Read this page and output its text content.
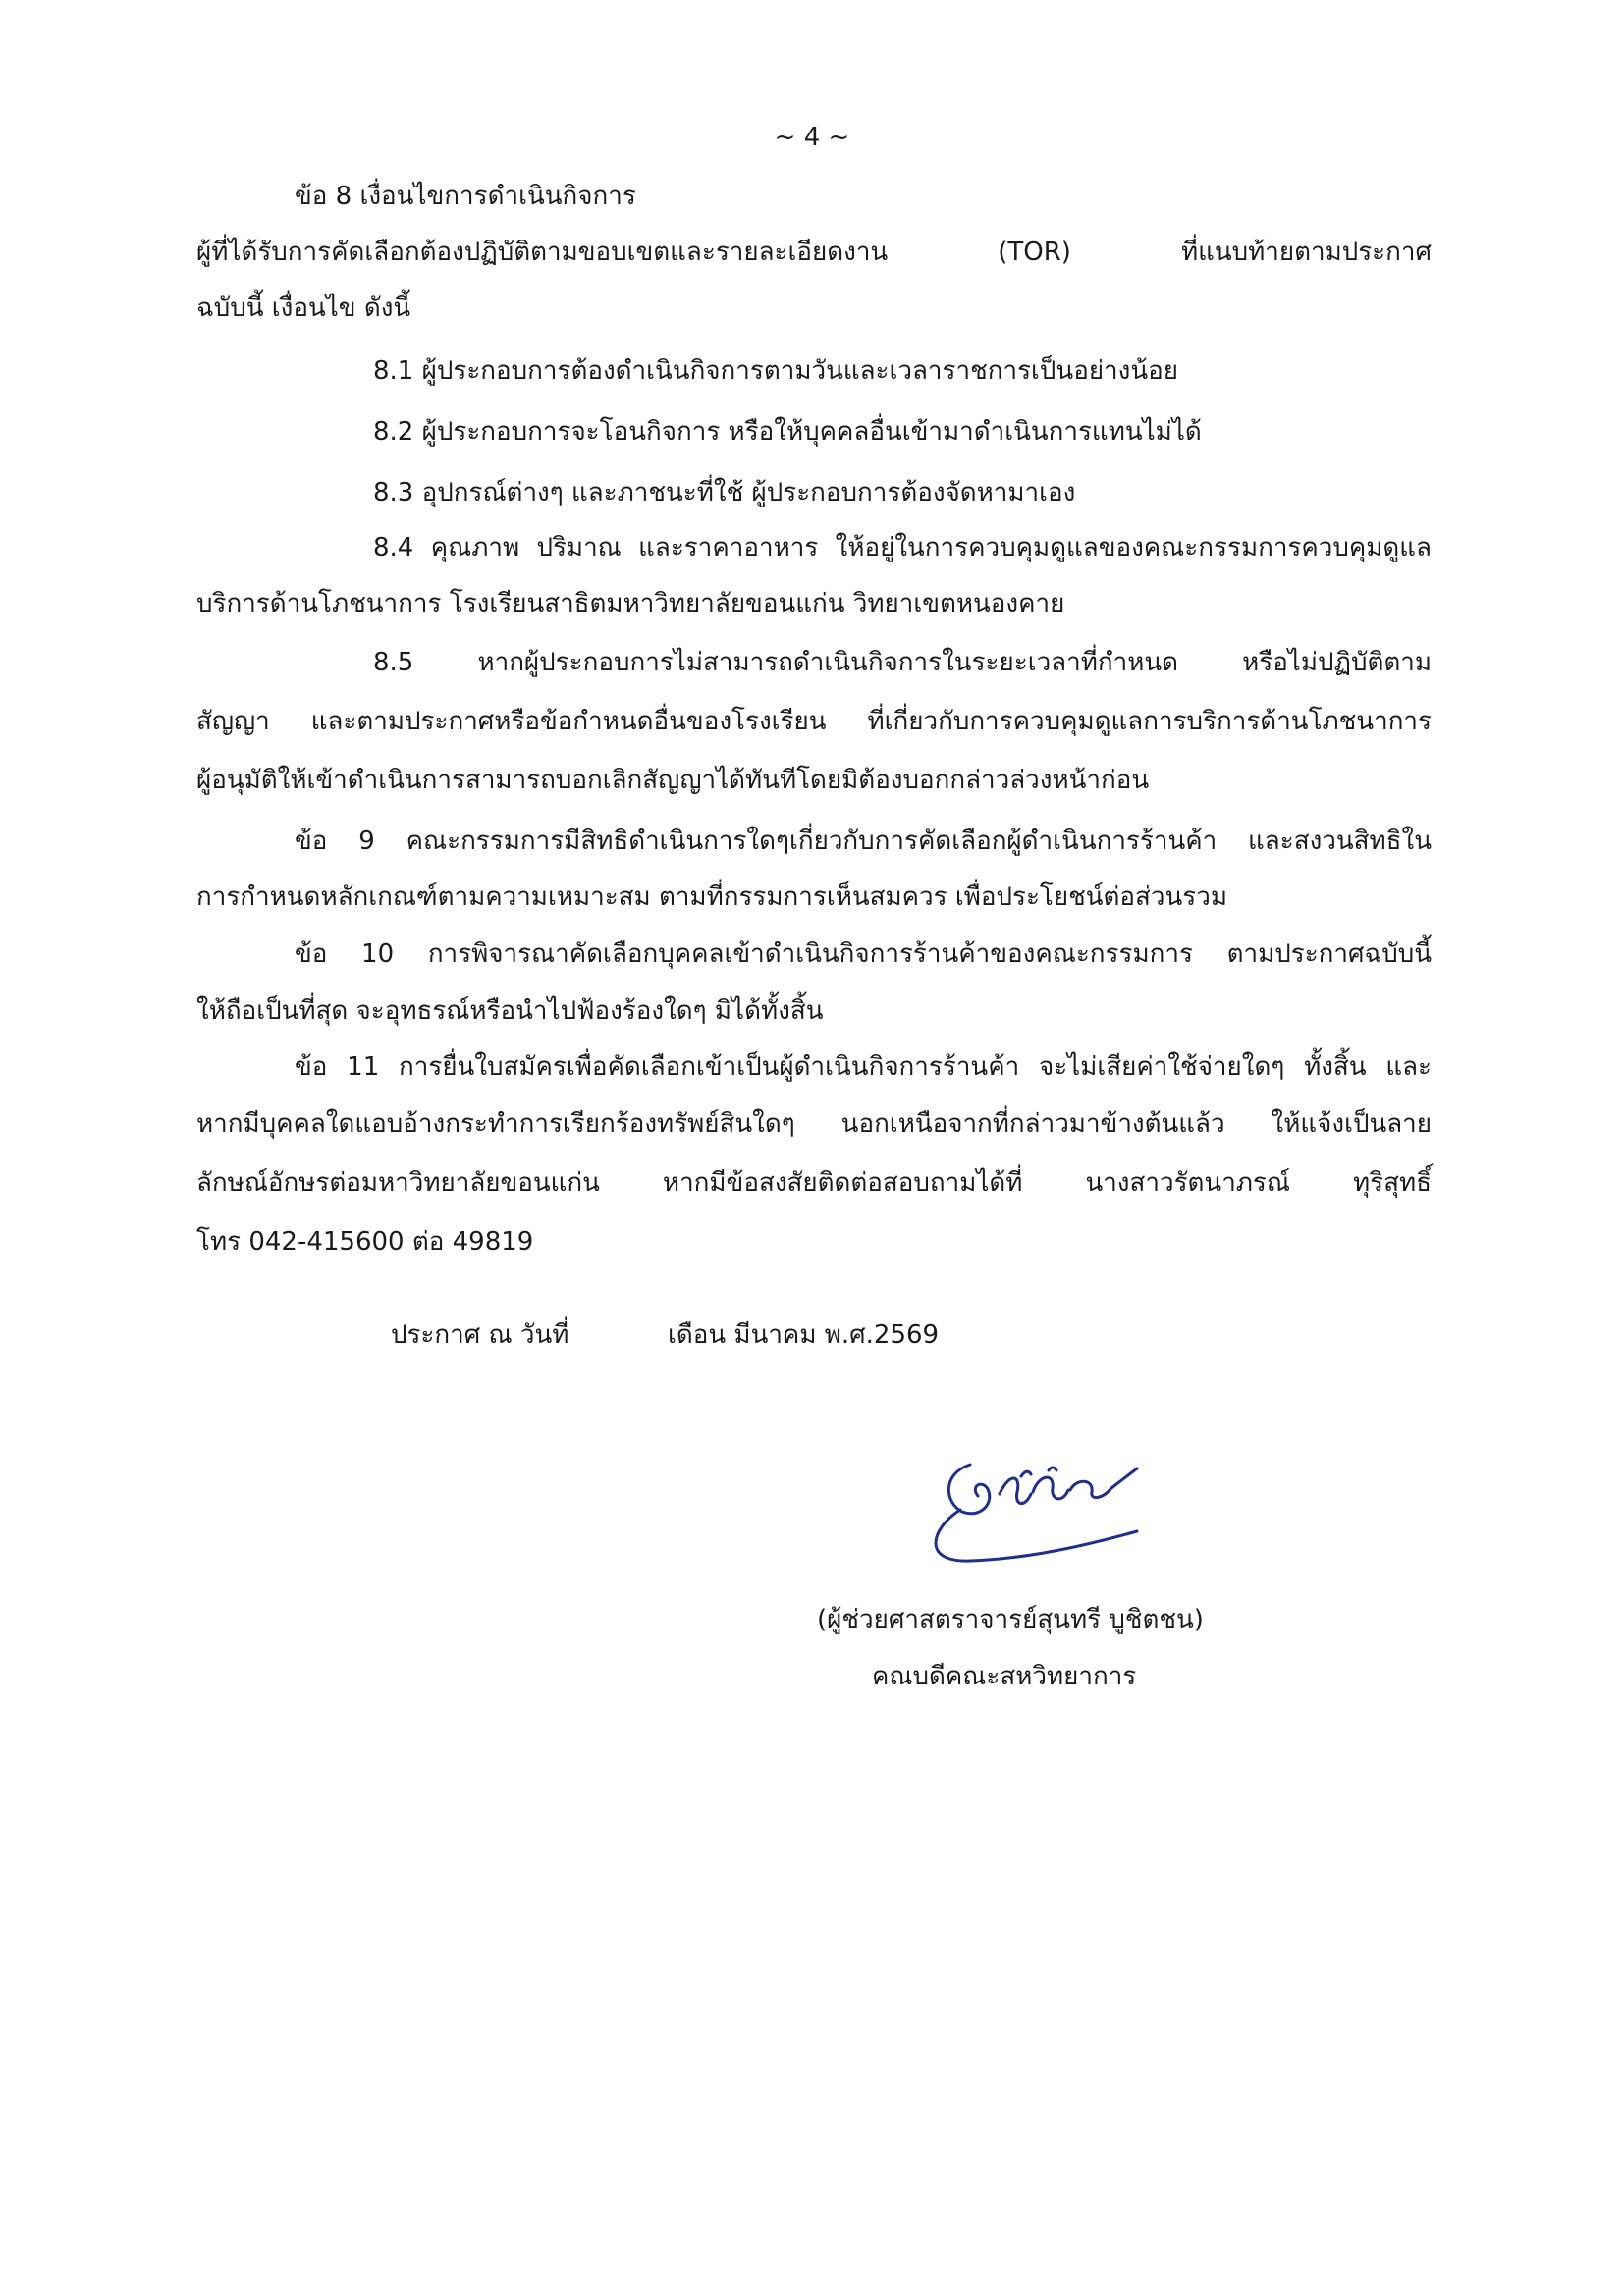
~ 4 ~

ข้อ 8 เงื่อนไขการดำเนินกิจการ

ผู้ที่ได้รับการคัดเลือกต้องปฏิบัติตามขอบเขตและรายละเอียดงาน (TOR) ที่แนบท้ายตามประกาศ

ฉบับนี้ เงื่อนไข ดังนี้

8.1 ผู้ประกอบการต้องดำเนินกิจการตามวันและเวลาราชการเป็นอย่างน้อย

8.2 ผู้ประกอบการจะโอนกิจการ หรือให้บุคคลอื่นเข้ามาดำเนินการแทนไม่ได้

8.3 อุปกรณ์ต่างๆ และภาชนะที่ใช้ ผู้ประกอบการต้องจัดหามาเอง

8.4 คุณภาพ ปริมาณ และราคาอาหาร ให้อยู่ในการควบคุมดูแลของคณะกรรมการควบคุมดูแล

บริการด้านโภชนาการ โรงเรียนสาธิตมหาวิทยาลัยขอนแก่น วิทยาเขตหนองคาย

8.5 หากผู้ประกอบการไม่สามารถดำเนินกิจการในระยะเวลาที่กำหนด หรือไม่ปฏิบัติตาม

สัญญา และตามประกาศหรือข้อกำหนดอื่นของโรงเรียน ที่เกี่ยวกับการควบคุมดูแลการบริการด้านโภชนาการ

ผู้อนุมัติให้เข้าดำเนินการสามารถบอกเลิกสัญญาได้ทันทีโดยมิต้องบอกกล่าวล่วงหน้าก่อน

ข้อ 9 คณะกรรมการมีสิทธิดำเนินการใดๆเกี่ยวกับการคัดเลือกผู้ดำเนินการร้านค้า และสงวนสิทธิใน

การกำหนดหลักเกณฑ์ตามความเหมาะสม ตามที่กรรมการเห็นสมควร เพื่อประโยชน์ต่อส่วนรวม

ข้อ 10 การพิจารณาคัดเลือกบุคคลเข้าดำเนินกิจการร้านค้าของคณะกรรมการ ตามประกาศฉบับนี้

ให้ถือเป็นที่สุด จะอุทธรณ์หรือนำไปฟ้องร้องใดๆ มิได้ทั้งสิ้น

ข้อ 11 การยื่นใบสมัครเพื่อคัดเลือกเข้าเป็นผู้ดำเนินกิจการร้านค้า จะไม่เสียค่าใช้จ่ายใดๆ ทั้งสิ้น และ

หากมีบุคคลใดแอบอ้างกระทำการเรียกร้องทรัพย์สินใดๆ นอกเหนือจากที่กล่าวมาข้างต้นแล้ว ให้แจ้งเป็นลาย

ลักษณ์อักษรต่อมหาวิทยาลัยขอนแก่น หากมีข้อสงสัยติดต่อสอบถามได้ที่ นางสาวรัตนาภรณ์ ทุริสุทธิ์

โทร 042-415600 ต่อ 49819

ประกาศ ณ วันที่	เดือน มีนาคม พ.ศ.2569

(ผู้ช่วยศาสตราจารย์สุนทรี บูชิตชน)

คณบดีคณะสหวิทยาการ
